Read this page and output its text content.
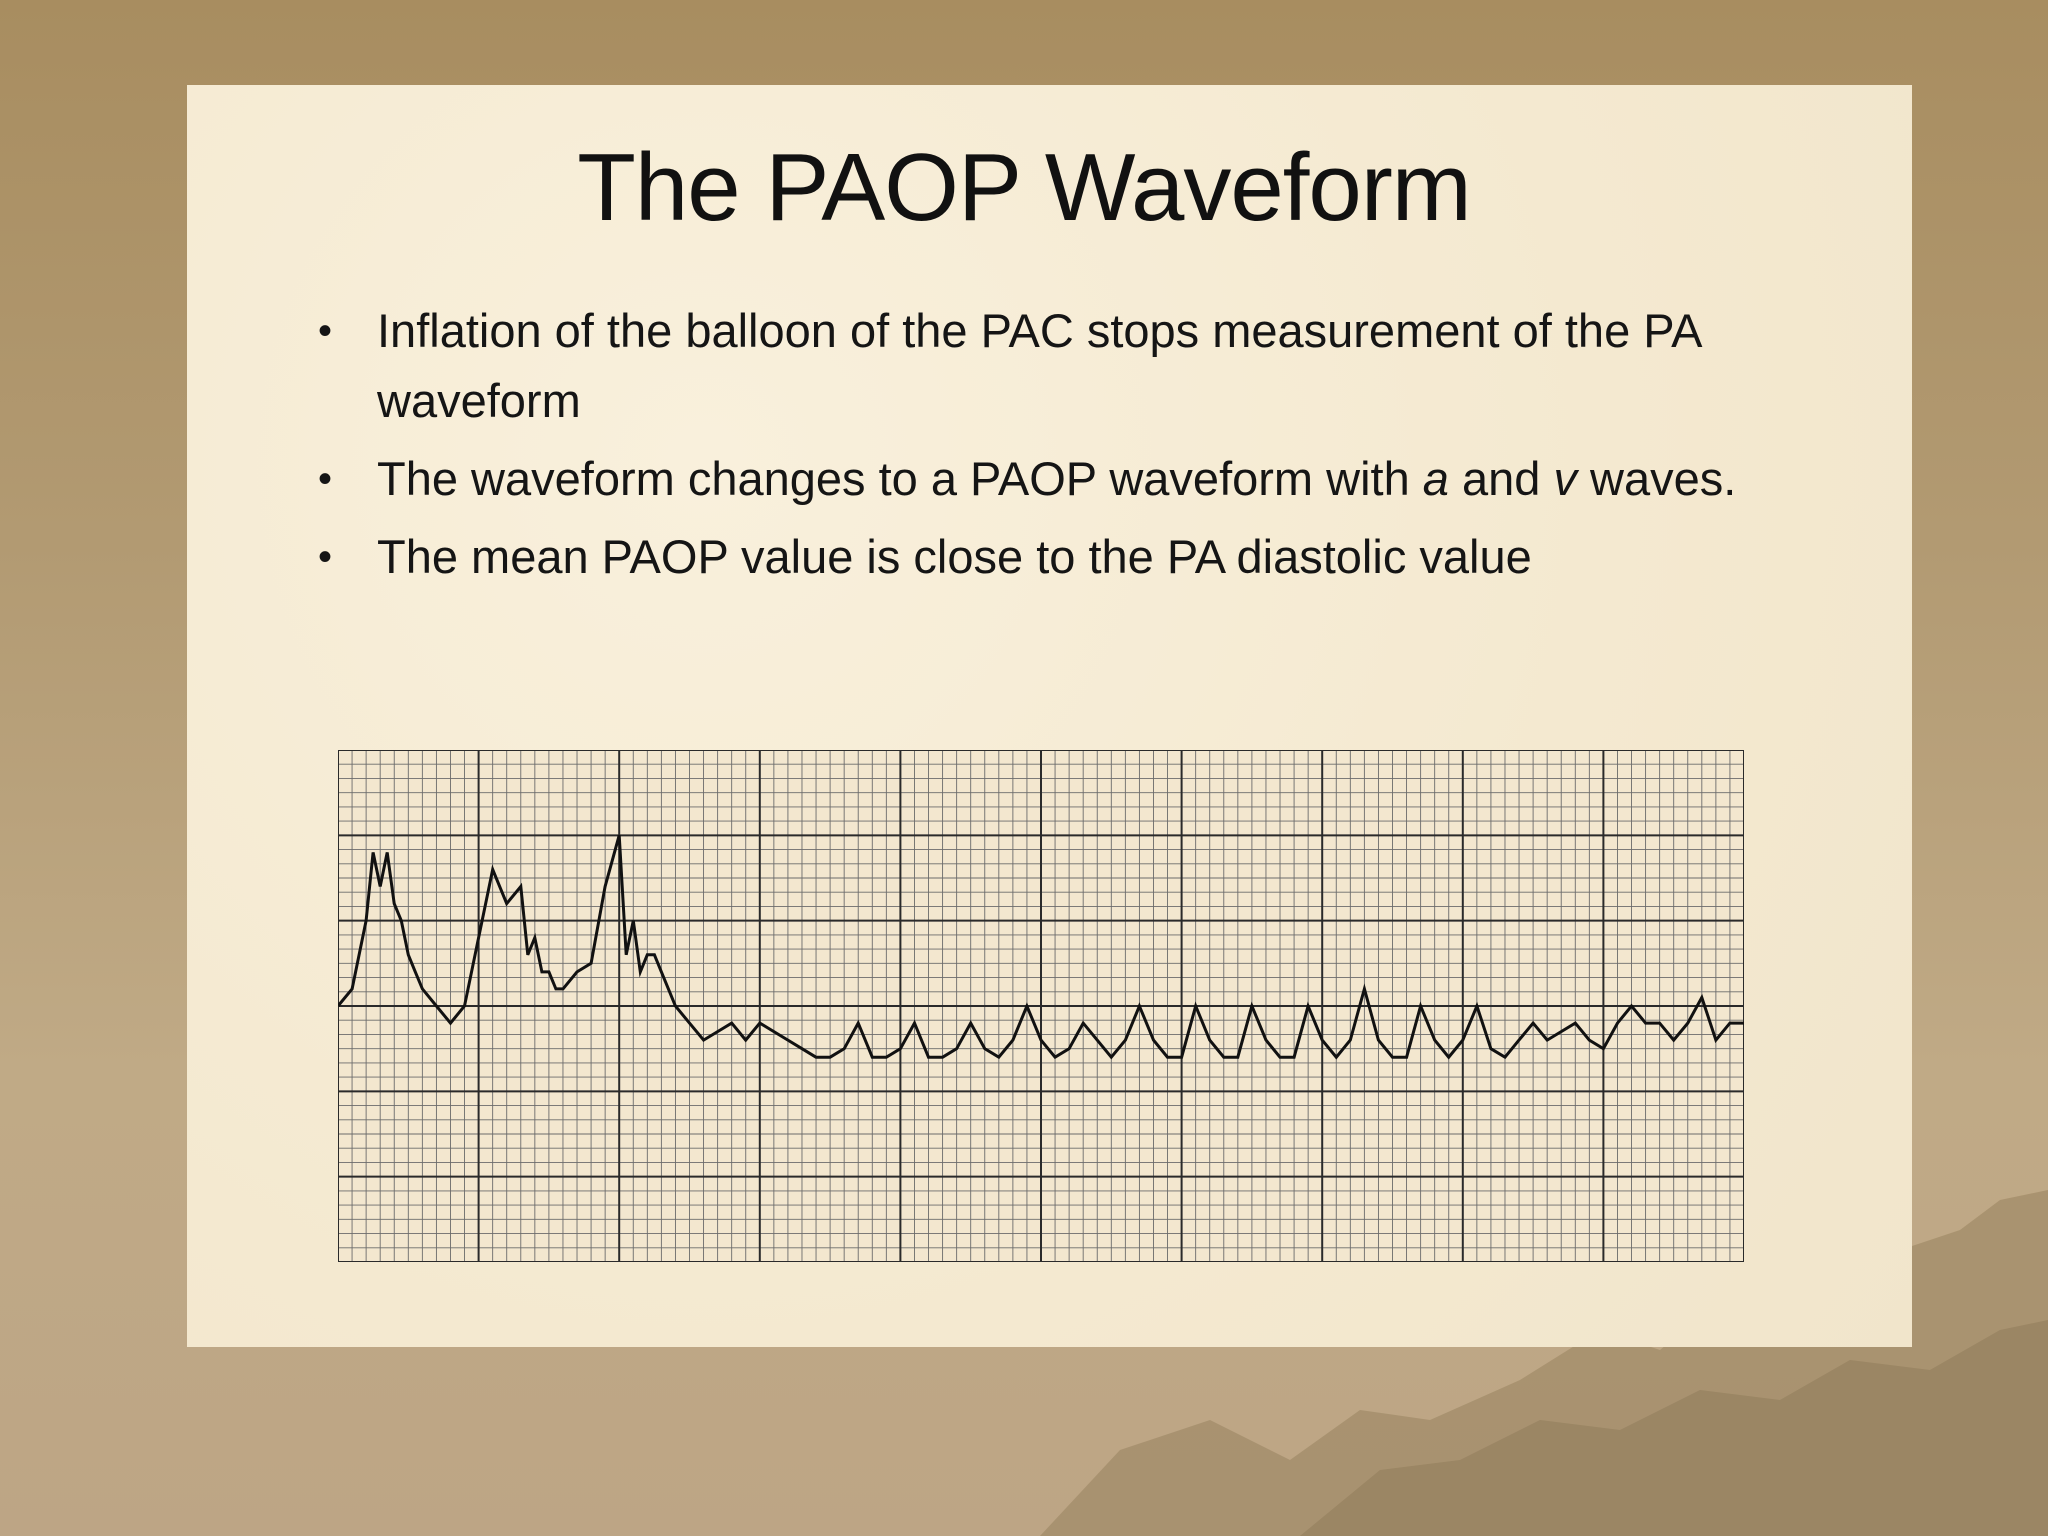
The PAOP Waveform
• Inflation of the balloon of the PAC stops measurement of the PA waveform
• The waveform changes to a PAOP waveform with a and v waves.
• The mean PAOP value is close to the PA diastolic value
